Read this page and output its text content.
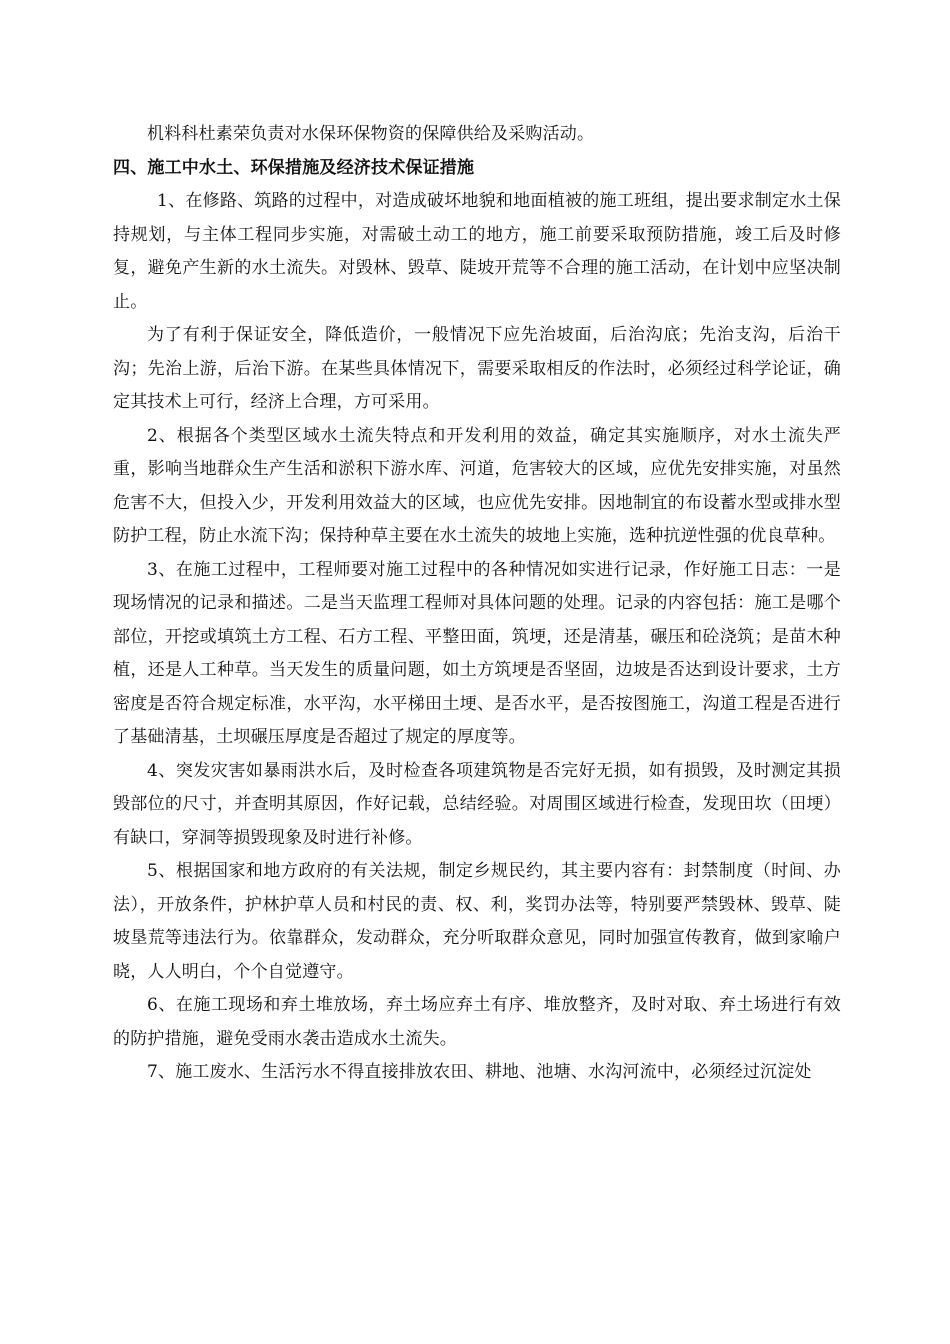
机料科杜素荣负责对水保环保物资的保障供给及采购活动。

四、施工中水土、环保措施及经济技术保证措施

1、在修路、筑路的过程中，对造成破坏地貌和地面植被的施工班组，提出要求制定水土保持规划，与主体工程同步实施，对需破土动工的地方，施工前要采取预防措施，竣工后及时修复，避免产生新的水土流失。对毁林、毁草、陡坡开荒等不合理的施工活动，在计划中应坚决制止。

为了有利于保证安全，降低造价，一般情况下应先治坡面，后治沟底；先治支沟，后治干沟；先治上游，后治下游。在某些具体情况下，需要采取相反的作法时，必须经过科学论证，确定其技术上可行，经济上合理，方可采用。

2、根据各个类型区域水土流失特点和开发利用的效益，确定其实施顺序，对水土流失严重，影响当地群众生产生活和淤积下游水库、河道，危害较大的区域，应优先安排实施，对虽然危害不大，但投入少，开发利用效益大的区域，也应优先安排。因地制宜的布设蓄水型或排水型防护工程，防止水流下沟；保持种草主要在水土流失的坡地上实施，选种抗逆性强的优良草种。

3、在施工过程中，工程师要对施工过程中的各种情况如实进行记录，作好施工日志：一是现场情况的记录和描述。二是当天监理工程师对具体问题的处理。记录的内容包括：施工是哪个部位，开挖或填筑土方工程、石方工程、平整田面，筑埂，还是清基，碾压和砼浇筑；是苗木种植，还是人工种草。当天发生的质量问题，如土方筑埂是否坚固，边坡是否达到设计要求，土方密度是否符合规定标准，水平沟，水平梯田土埂、是否水平，是否按图施工，沟道工程是否进行了基础清基，土坝碾压厚度是否超过了规定的厚度等。

4、突发灾害如暴雨洪水后，及时检查各项建筑物是否完好无损，如有损毁，及时测定其损毁部位的尺寸，并查明其原因，作好记载，总结经验。对周围区域进行检查，发现田坎（田埂）有缺口，穿洞等损毁现象及时进行补修。

5、根据国家和地方政府的有关法规，制定乡规民约，其主要内容有：封禁制度（时间、办法），开放条件，护林护草人员和村民的责、权、利，奖罚办法等，特别要严禁毁林、毁草、陡坡垦荒等违法行为。依靠群众，发动群众，充分听取群众意见，同时加强宣传教育，做到家喻户晓，人人明白，个个自觉遵守。

6、在施工现场和弃土堆放场，弃土场应弃土有序、堆放整齐，及时对取、弃土场进行有效的防护措施，避免受雨水袭击造成水土流失。

7、施工废水、生活污水不得直接排放农田、耕地、池塘、水沟河流中，必须经过沉淀处
